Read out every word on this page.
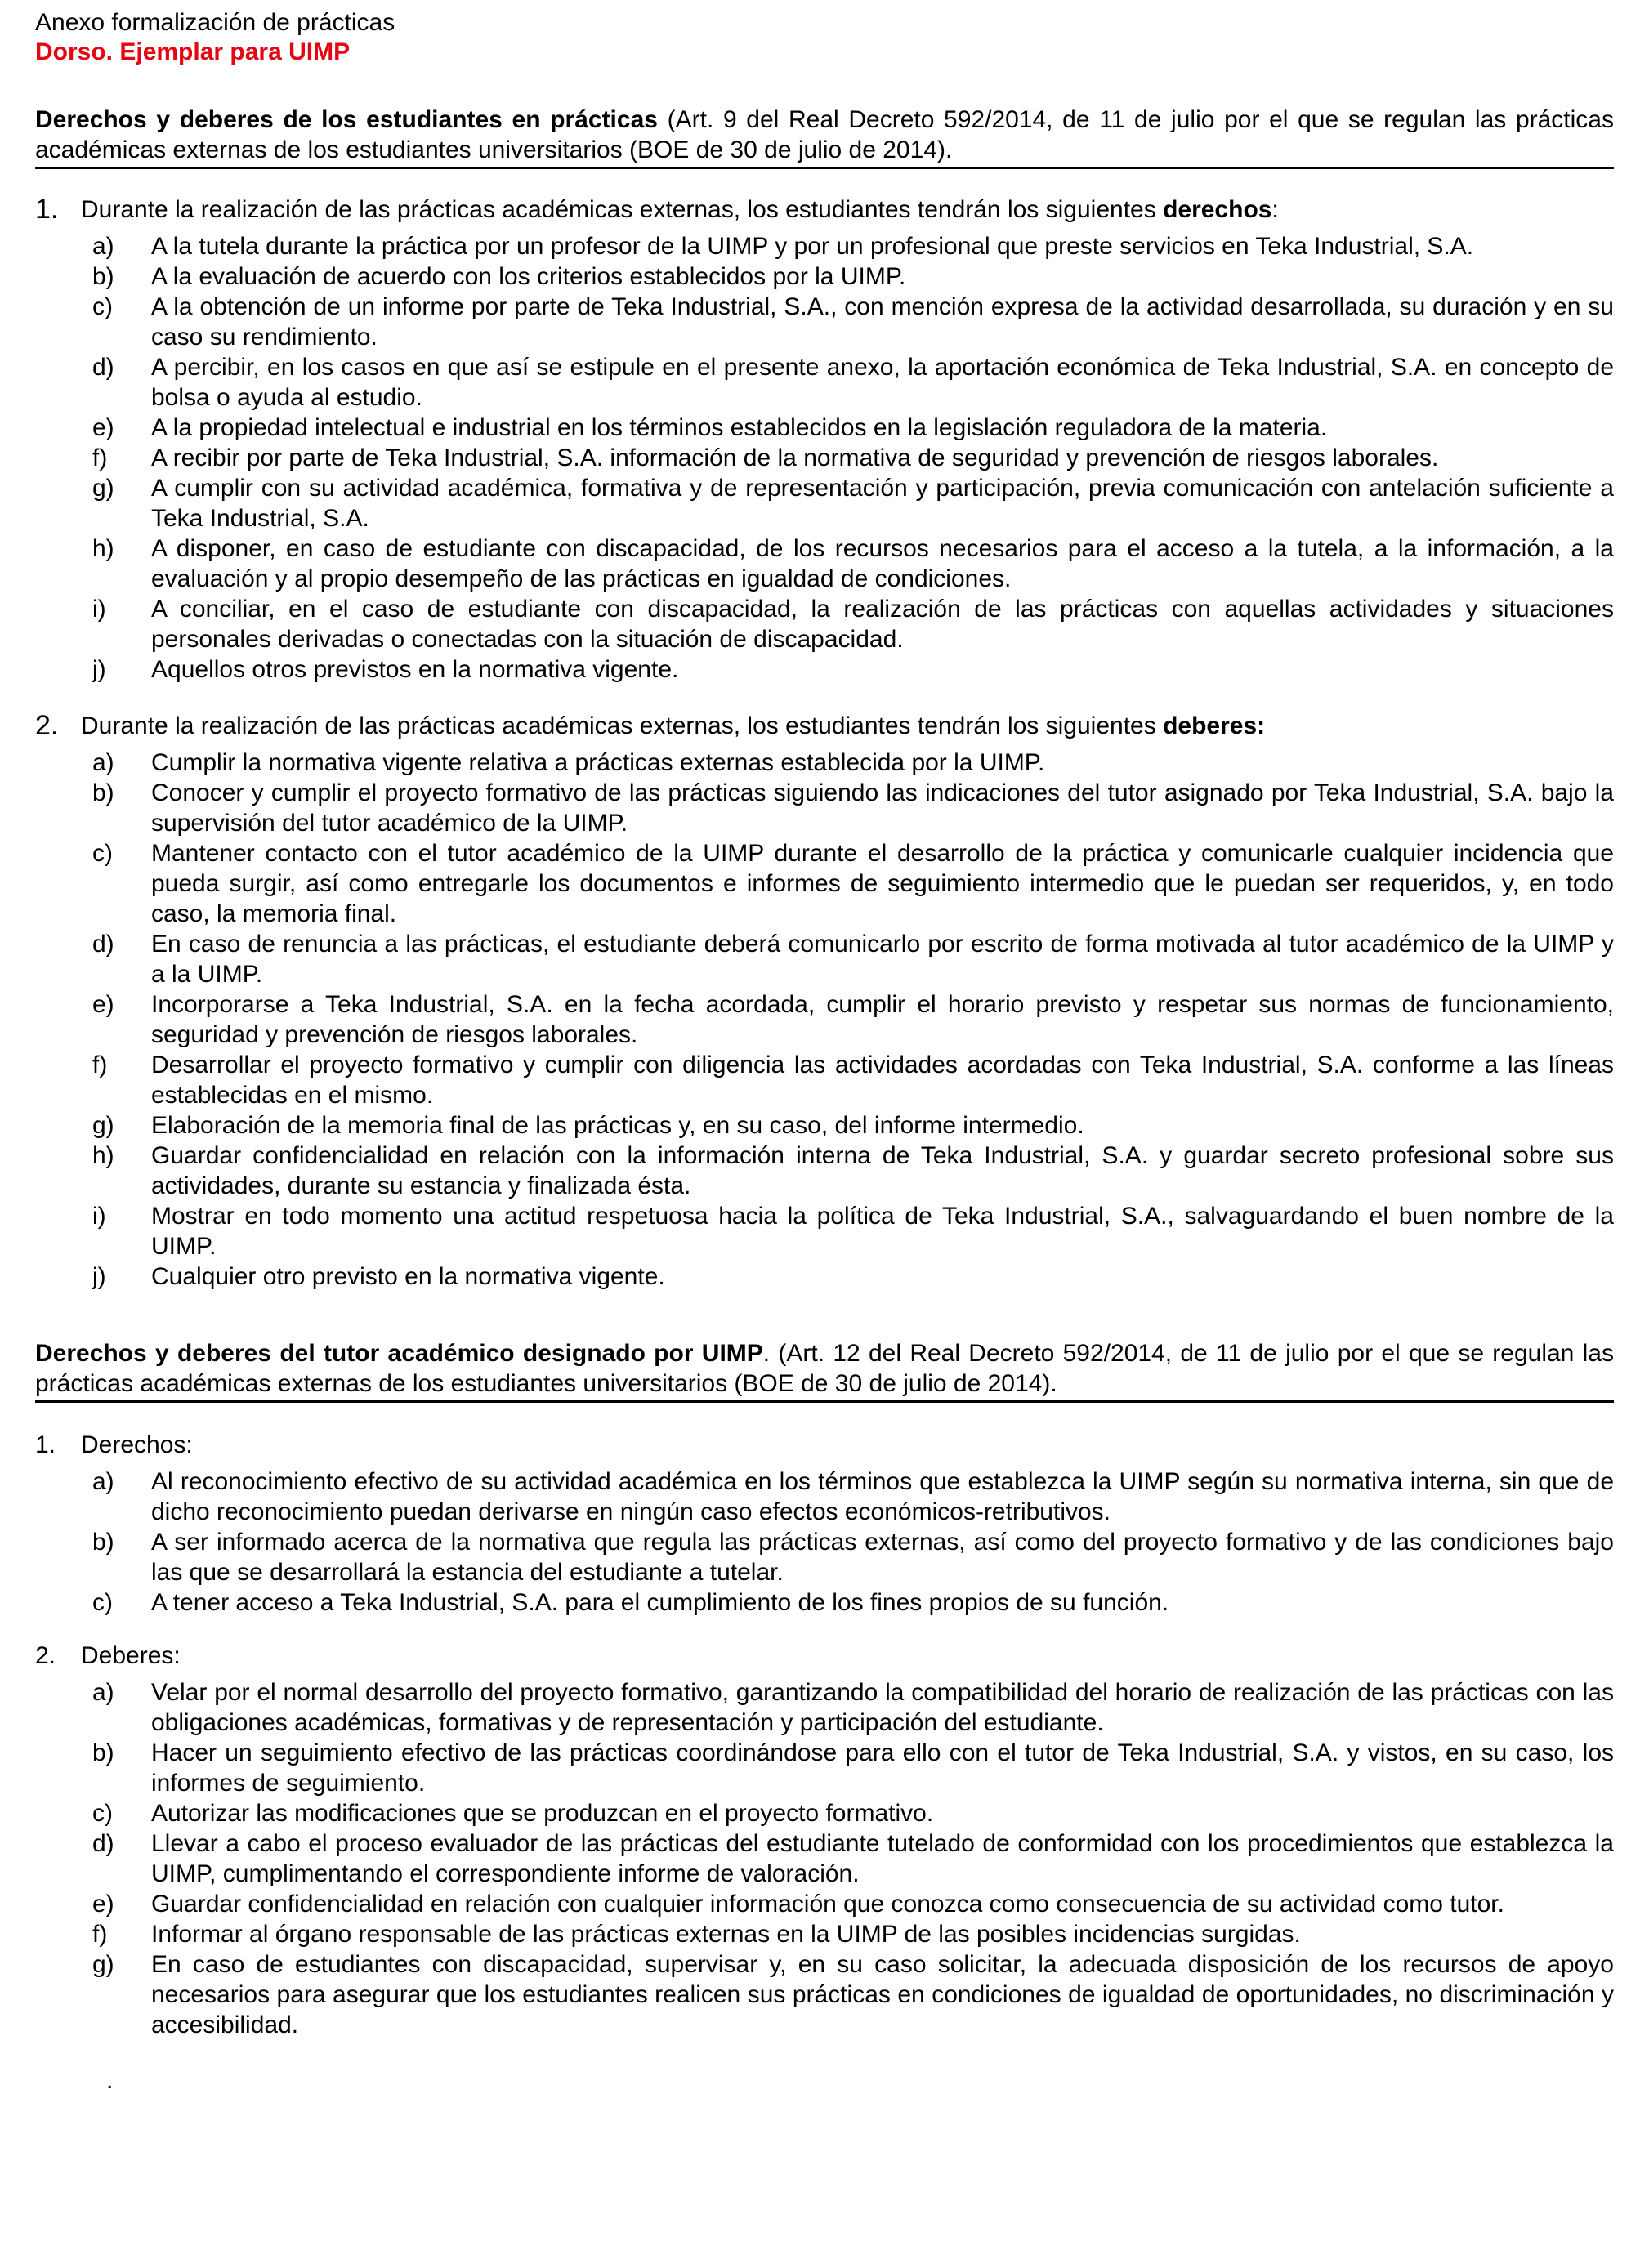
Anexo formalización de prácticas
Dorso. Ejemplar para UIMP
Derechos y deberes de los estudiantes en prácticas (Art. 9 del Real Decreto 592/2014, de 11 de julio por el que se regulan las prácticas académicas externas de los estudiantes universitarios (BOE de 30 de julio de 2014).
1. Durante la realización de las prácticas académicas externas, los estudiantes tendrán los siguientes derechos:
a) A la tutela durante la práctica por un profesor de la UIMP y por un profesional que preste servicios en Teka Industrial, S.A.
b) A la evaluación de acuerdo con los criterios establecidos por la UIMP.
c) A la obtención de un informe por parte de Teka Industrial, S.A., con mención expresa de la actividad desarrollada, su duración y en su caso su rendimiento.
d) A percibir, en los casos en que así se estipule en el presente anexo, la aportación económica de Teka Industrial, S.A. en concepto de bolsa o ayuda al estudio.
e) A la propiedad intelectual e industrial en los términos establecidos en la legislación reguladora de la materia.
f) A recibir por parte de Teka Industrial, S.A. información de la normativa de seguridad y prevención de riesgos laborales.
g) A cumplir con su actividad académica, formativa y de representación y participación, previa comunicación con antelación suficiente a Teka Industrial, S.A.
h) A disponer, en caso de estudiante con discapacidad, de los recursos necesarios para el acceso a la tutela, a la información, a la evaluación y al propio desempeño de las prácticas en igualdad de condiciones.
i) A conciliar, en el caso de estudiante con discapacidad, la realización de las prácticas con aquellas actividades y situaciones personales derivadas o conectadas con la situación de discapacidad.
j) Aquellos otros previstos en la normativa vigente.
2. Durante la realización de las prácticas académicas externas, los estudiantes tendrán los siguientes deberes:
a) Cumplir la normativa vigente relativa a prácticas externas establecida por la UIMP.
b) Conocer y cumplir el proyecto formativo de las prácticas siguiendo las indicaciones del tutor asignado por Teka Industrial, S.A. bajo la supervisión del tutor académico de la UIMP.
c) Mantener contacto con el tutor académico de la UIMP durante el desarrollo de la práctica y comunicarle cualquier incidencia que pueda surgir, así como entregarle los documentos e informes de seguimiento intermedio que le puedan ser requeridos, y, en todo caso, la memoria final.
d) En caso de renuncia a las prácticas, el estudiante deberá comunicarlo por escrito de forma motivada al tutor académico de la UIMP y a la UIMP.
e) Incorporarse a Teka Industrial, S.A. en la fecha acordada, cumplir el horario previsto y respetar sus normas de funcionamiento, seguridad y prevención de riesgos laborales.
f) Desarrollar el proyecto formativo y cumplir con diligencia las actividades acordadas con Teka Industrial, S.A. conforme a las líneas establecidas en el mismo.
g) Elaboración de la memoria final de las prácticas y, en su caso, del informe intermedio.
h) Guardar confidencialidad en relación con la información interna de Teka Industrial, S.A. y guardar secreto profesional sobre sus actividades, durante su estancia y finalizada ésta.
i) Mostrar en todo momento una actitud respetuosa hacia la política de Teka Industrial, S.A., salvaguardando el buen nombre de la UIMP.
j) Cualquier otro previsto en la normativa vigente.
Derechos y deberes del tutor académico designado por UIMP. (Art. 12 del Real Decreto 592/2014, de 11 de julio por el que se regulan las prácticas académicas externas de los estudiantes universitarios (BOE de 30 de julio de 2014).
1. Derechos:
a) Al reconocimiento efectivo de su actividad académica en los términos que establezca la UIMP según su normativa interna, sin que de dicho reconocimiento puedan derivarse en ningún caso efectos económicos-retributivos.
b) A ser informado acerca de la normativa que regula las prácticas externas, así como del proyecto formativo y de las condiciones bajo las que se desarrollará la estancia del estudiante a tutelar.
c) A tener acceso a Teka Industrial, S.A. para el cumplimiento de los fines propios de su función.
2. Deberes:
a) Velar por el normal desarrollo del proyecto formativo, garantizando la compatibilidad del horario de realización de las prácticas con las obligaciones académicas, formativas y de representación y participación del estudiante.
b) Hacer un seguimiento efectivo de las prácticas coordinándose para ello con el tutor de Teka Industrial, S.A. y vistos, en su caso, los informes de seguimiento.
c) Autorizar las modificaciones que se produzcan en el proyecto formativo.
d) Llevar a cabo el proceso evaluador de las prácticas del estudiante tutelado de conformidad con los procedimientos que establezca la UIMP, cumplimentando el correspondiente informe de valoración.
e) Guardar confidencialidad en relación con cualquier información que conozca como consecuencia de su actividad como tutor.
f) Informar al órgano responsable de las prácticas externas en la UIMP de las posibles incidencias surgidas.
g) En caso de estudiantes con discapacidad, supervisar y, en su caso solicitar, la adecuada disposición de los recursos de apoyo necesarios para asegurar que los estudiantes realicen sus prácticas en condiciones de igualdad de oportunidades, no discriminación y accesibilidad.
.
